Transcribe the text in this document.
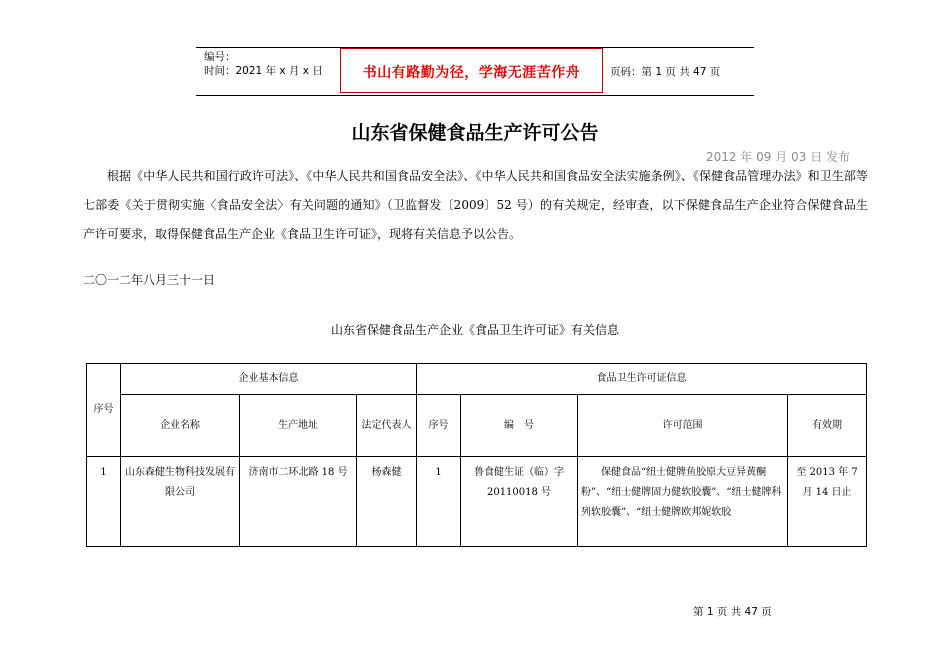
编号：
时间：2021 年 x 月 x 日	书山有路勤为径，学海无涯苦作舟	页码：第 1 页 共 47 页
山东省保健食品生产许可公告
2012 年 09 月 03 日 发布

根据《中华人民共和国行政许可法》、《中华人民共和国食品安全法》、《中华人民共和国食品安全法实施条例》、《保健食品管理办法》和卫生部等七部委《关于贯彻实施〈食品安全法〉有关问题的通知》（卫监督发〔2009〕52 号）的有关规定，经审查，以下保健食品生产企业符合保健食品生产许可要求，取得保健食品生产企业《食品卫生许可证》，现将有关信息予以公告。

二〇一二年八月三十一日
山东省保健食品生产企业《食品卫生许可证》有关信息
序号	企业基本信息			食品卫生许可证信息			
	企业名称	生产地址	法定代表人	序号	编　号	许可范围	有效期
1	山东森健生物科技发展有限公司	济南市二环北路 18 号	杨森健	1	鲁食健生证（临）字20110018 号	保健食品“纽士健牌鱼胶原大豆异黄酮粉”、“纽士健牌固力健软胶囊”、“纽士健牌科列软胶囊”、“纽士健牌欧邦妮软胶	至 2013 年 7 月 14 日止
第 1 页 共 47 页
